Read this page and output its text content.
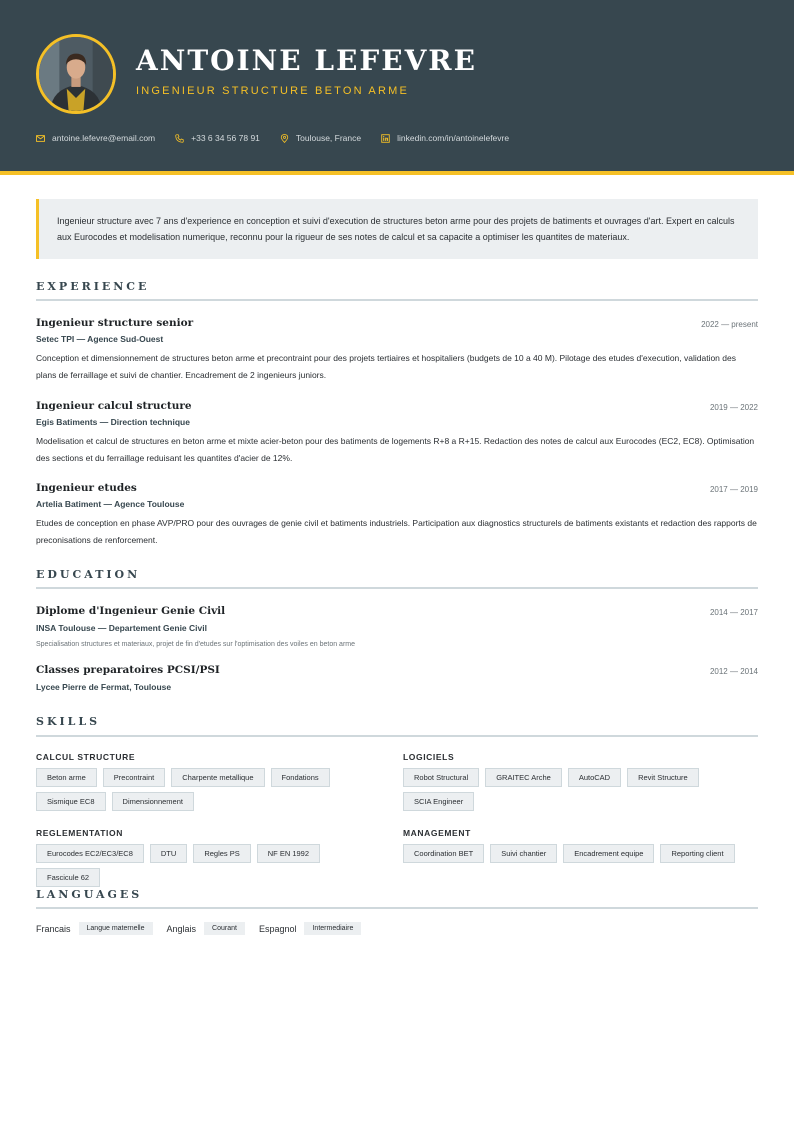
ANTOINE LEFEVRE
INGENIEUR STRUCTURE BETON ARME
antoine.lefevre@email.com	+33 6 34 56 78 91	Toulouse, France	linkedin.com/in/antoinelefevre
Ingenieur structure avec 7 ans d'experience en conception et suivi d'execution de structures beton arme pour des projets de batiments et ouvrages d'art. Expert en calculs aux Eurocodes et modelisation numerique, reconnu pour la rigueur de ses notes de calcul et sa capacite a optimiser les quantites de materiaux.
EXPERIENCE
Ingenieur structure senior	2022 — present
Setec TPI — Agence Sud-Ouest
Conception et dimensionnement de structures beton arme et precontraint pour des projets tertiaires et hospitaliers (budgets de 10 a 40 M). Pilotage des etudes d'execution, validation des plans de ferraillage et suivi de chantier. Encadrement de 2 ingenieurs juniors.
Ingenieur calcul structure	2019 — 2022
Egis Batiments — Direction technique
Modelisation et calcul de structures en beton arme et mixte acier-beton pour des batiments de logements R+8 a R+15. Redaction des notes de calcul aux Eurocodes (EC2, EC8). Optimisation des sections et du ferraillage reduisant les quantites d'acier de 12%.
Ingenieur etudes	2017 — 2019
Artelia Batiment — Agence Toulouse
Etudes de conception en phase AVP/PRO pour des ouvrages de genie civil et batiments industriels. Participation aux diagnostics structurels de batiments existants et redaction des rapports de preconisations de renforcement.
EDUCATION
Diplome d'Ingenieur Genie Civil	2014 — 2017
INSA Toulouse — Departement Genie Civil
Specialisation structures et materiaux, projet de fin d'etudes sur l'optimisation des voiles en beton arme
Classes preparatoires PCSI/PSI	2012 — 2014
Lycee Pierre de Fermat, Toulouse
SKILLS
CALCUL STRUCTURE
Beton arme	Precontraint	Charpente metallique	Fondations
Sismique EC8	Dimensionnement
LOGICIELS
Robot Structural	GRAITEC Arche	AutoCAD	Revit Structure
SCIA Engineer
REGLEMENTATION
Eurocodes EC2/EC3/EC8	DTU	Regles PS	NF EN 1992
Fascicule 62
MANAGEMENT
Coordination BET	Suivi chantier	Encadrement equipe	Reporting client
LANGUAGES
Francais	Langue maternelle	Anglais	Courant	Espagnol	Intermediaire
